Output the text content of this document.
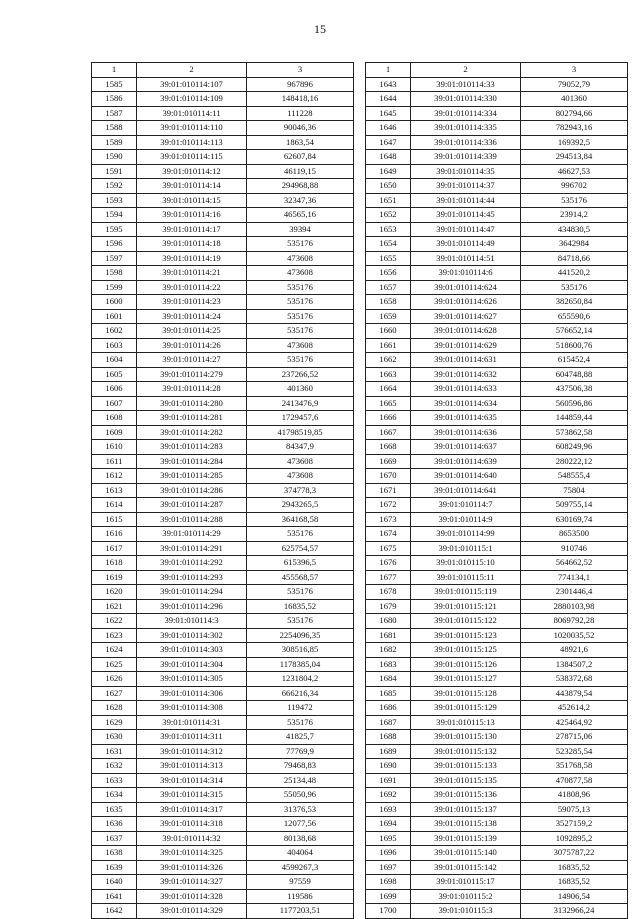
15
1	2	3
1585	39:01:010114:107	967896
1586	39:01:010114:109	148418,16
1587	39:01:010114:11	111228
1588	39:01:010114:110	90046,36
1589	39:01:010114:113	1863,54
1590	39:01:010114:115	62607,84
1591	39:01:010114:12	46119,15
1592	39:01:010114:14	294968,88
1593	39:01:010114:15	32347,36
1594	39:01:010114:16	46565,16
1595	39:01:010114:17	39394
1596	39:01:010114:18	535176
1597	39:01:010114:19	473608
1598	39:01:010114:21	473608
1599	39:01:010114:22	535176
1600	39:01:010114:23	535176
1601	39:01:010114:24	535176
1602	39:01:010114:25	535176
1603	39:01:010114:26	473608
1604	39:01:010114:27	535176
1605	39:01:010114:279	237266,52
1606	39:01:010114:28	401360
1607	39:01:010114:280	2413476,9
1608	39:01:010114:281	1729457,6
1609	39:01:010114:282	41798519,85
1610	39:01:010114:283	84347,9
1611	39:01:010114:284	473608
1612	39:01:010114:285	473608
1613	39:01:010114:286	374778,3
1614	39:01:010114:287	2943265,5
1615	39:01:010114:288	364168,58
1616	39:01:010114:29	535176
1617	39:01:010114:291	625754,57
1618	39:01:010114:292	615396,5
1619	39:01:010114:293	455568,57
1620	39:01:010114:294	535176
1621	39:01:010114:296	16835,52
1622	39:01:010114:3	535176
1623	39:01:010114:302	2254096,35
1624	39:01:010114:303	308516,85
1625	39:01:010114:304	1178385,04
1626	39:01:010114:305	1231804,2
1627	39:01:010114:306	666216,34
1628	39:01:010114:308	119472
1629	39:01:010114:31	535176
1630	39:01:010114:311	41825,7
1631	39:01:010114:312	77769,9
1632	39:01:010114:313	79468,83
1633	39:01:010114:314	25134,48
1634	39:01:010114:315	55050,96
1635	39:01:010114:317	31376,53
1636	39:01:010114:318	12077,56
1637	39:01:010114:32	80138,68
1638	39:01:010114:325	404064
1639	39:01:010114:326	4599267,3
1640	39:01:010114:327	97559
1641	39:01:010114:328	119586
1642	39:01:010114:329	1177203,51
1	2	3
1643	39:01:010114:33	79052,79
1644	39:01:010114:330	401360
1645	39:01:010114:334	802794,66
1646	39:01:010114:335	782943,16
1647	39:01:010114:336	169392,5
1648	39:01:010114:339	294513,84
1649	39:01:010114:35	46627,53
1650	39:01:010114:37	996702
1651	39:01:010114:44	535176
1652	39:01:010114:45	23914,2
1653	39:01:010114:47	434830,5
1654	39:01:010114:49	3642984
1655	39:01:010114:51	84718,66
1656	39:01:010114:6	441520,2
1657	39:01:010114:624	535176
1658	39:01:010114:626	382650,84
1659	39:01:010114:627	655590,6
1660	39:01:010114:628	576652,14
1661	39:01:010114:629	518600,76
1662	39:01:010114:631	615452,4
1663	39:01:010114:632	604748,88
1664	39:01:010114:633	437506,38
1665	39:01:010114:634	560596,86
1666	39:01:010114:635	144859,44
1667	39:01:010114:636	573862,58
1668	39:01:010114:637	608249,96
1669	39:01:010114:639	280222,12
1670	39:01:010114:640	548555,4
1671	39:01:010114:641	75804
1672	39:01:010114:7	509755,14
1673	39:01:010114:9	630169,74
1674	39:01:010114:99	8653500
1675	39:01:010115:1	910746
1676	39:01:010115:10	564662,52
1677	39:01:010115:11	774134,1
1678	39:01:010115:119	2301446,4
1679	39:01:010115:121	2880103,98
1680	39:01:010115:122	8069792,28
1681	39:01:010115:123	1020035,52
1682	39:01:010115:125	48921,6
1683	39:01:010115:126	1384507,2
1684	39:01:010115:127	538372,68
1685	39:01:010115:128	443879,54
1686	39:01:010115:129	452614,2
1687	39:01:010115:13	425464,92
1688	39:01:010115:130	278715,06
1689	39:01:010115:132	523285,54
1690	39:01:010115:133	351768,58
1691	39:01:010115:135	470877,58
1692	39:01:010115:136	41808,96
1693	39:01:010115:137	59075,13
1694	39:01:010115:138	3527159,2
1695	39:01:010115:139	1092895,2
1696	39:01:010115:140	3075787,22
1697	39:01:010115:142	16835,52
1698	39:01:010115:17	16835,52
1699	39:01:010115:2	14906,54
1700	39:01:010115:3	3132966,24
